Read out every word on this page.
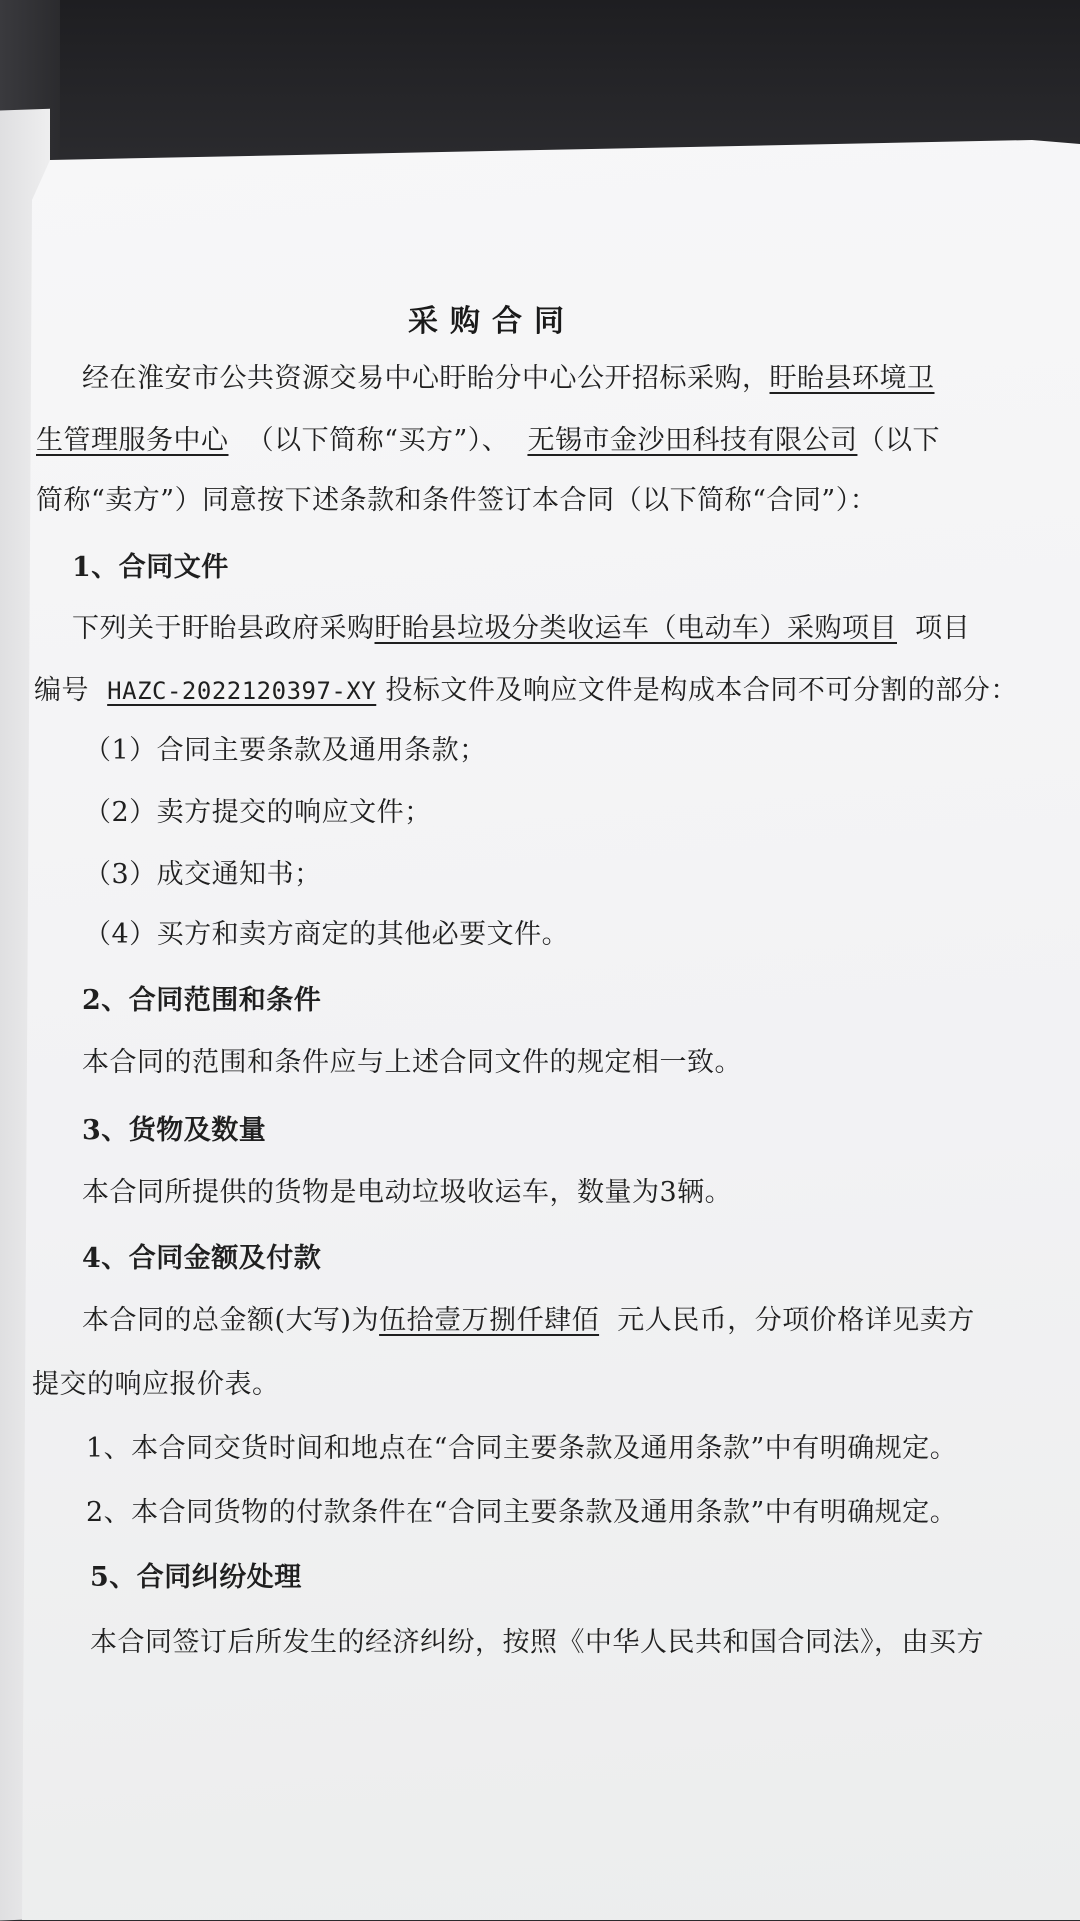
采购合同
经在淮安市公共资源交易中心盱眙分中心公开招标采购，盱眙县环境卫
生管理服务中心 （以下简称“买方”）、 无锡市金沙田科技有限公司（以下
简称“卖方”）同意按下述条款和条件签订本合同（以下简称“合同”）：
1、合同文件
下列关于盱眙县政府采购盱眙县垃圾分类收运车（电动车）采购项目 项目
编号 HAZC-2022120397-XY 投标文件及响应文件是构成本合同不可分割的部分：
（1）合同主要条款及通用条款；
（2）卖方提交的响应文件；
（3）成交通知书；
（4）买方和卖方商定的其他必要文件。
2、合同范围和条件
本合同的范围和条件应与上述合同文件的规定相一致。
3、货物及数量
本合同所提供的货物是电动垃圾收运车，数量为3辆。
4、合同金额及付款
本合同的总金额(大写)为伍拾壹万捌仟肆佰 元人民币，分项价格详见卖方
提交的响应报价表。
1、本合同交货时间和地点在“合同主要条款及通用条款”中有明确规定。
2、本合同货物的付款条件在“合同主要条款及通用条款”中有明确规定。
5、合同纠纷处理
本合同签订后所发生的经济纠纷，按照《中华人民共和国合同法》，由买方
